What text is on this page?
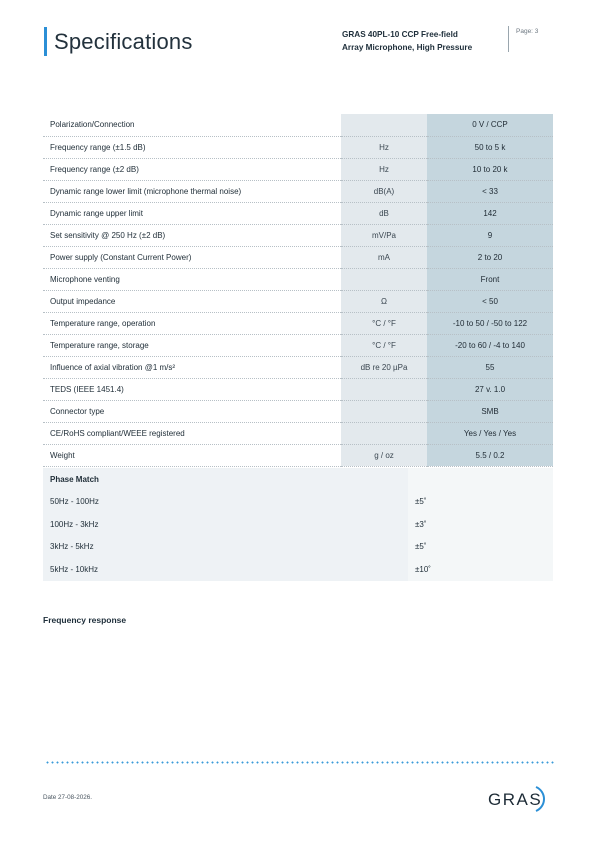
Specifications	GRAS 40PL-10 CCP Free-field
Array Microphone, High Pressure
Page: 3
Polarization/Connection		0 V / CCP
Frequency range (±1.5 dB)	Hz	50 to 5 k
Frequency range (±2 dB)	Hz	10 to 20 k
Dynamic range lower limit (microphone thermal noise)	dB(A)	< 33
Dynamic range upper limit	dB	142
Set sensitivity @ 250 Hz (±2 dB)	mV/Pa	9
Power supply (Constant Current Power)	mA	2 to 20
Microphone venting		Front
Output impedance	Ω	< 50
Temperature range, operation	°C / °F	-10 to 50 / -50 to 122
Temperature range, storage	°C / °F	-20 to 60 / -4 to 140
Influence of axial vibration @1 m/s²	dB re 20 µPa	55
TEDS (IEEE 1451.4)		27 v. 1.0
Connector type		SMB
CE/RoHS compliant/WEEE registered		Yes / Yes / Yes
Weight	g / oz	5.5 / 0.2
Phase Match	
50Hz - 100Hz	±5˚
100Hz - 3kHz	±3˚
3kHz - 5kHz	±5˚
5kHz - 10kHz	±10˚
Frequency response
Date 27-08-2026.	GRAS
